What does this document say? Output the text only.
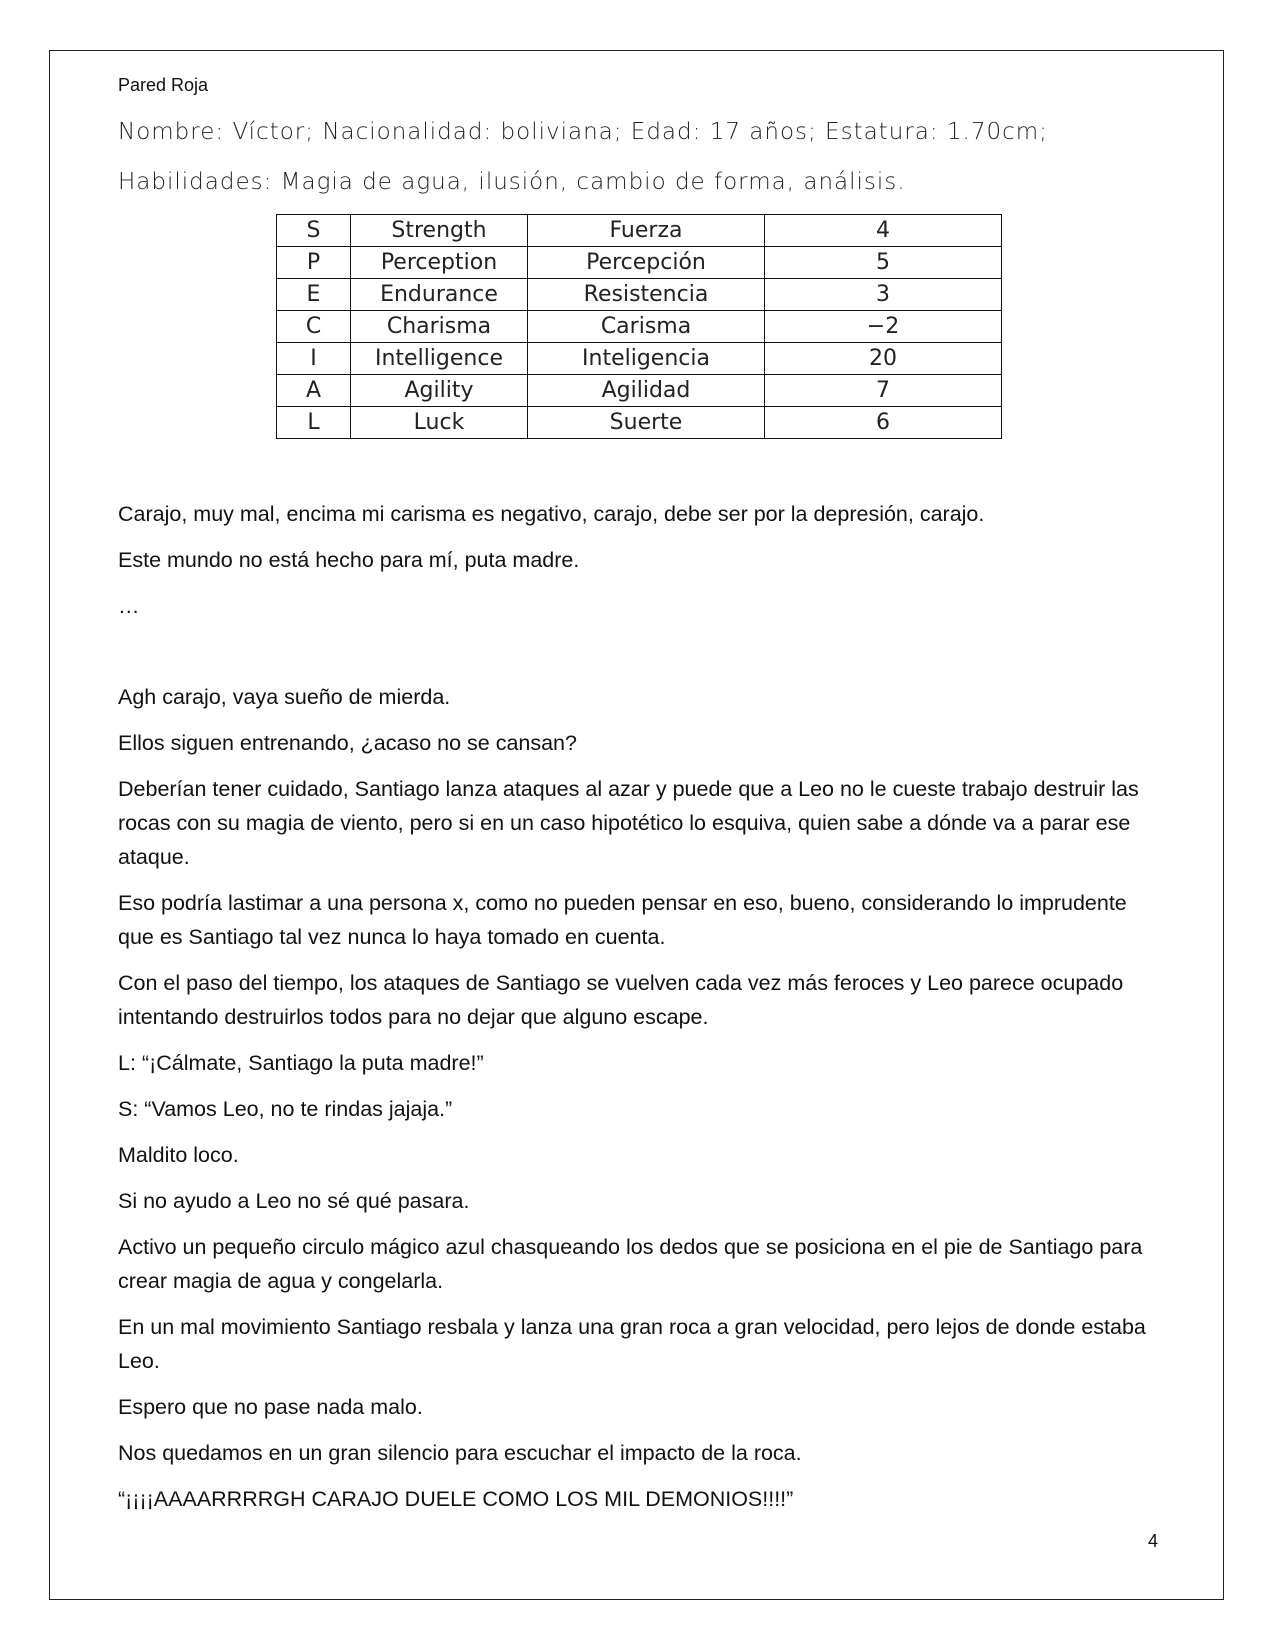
Pared Roja
Nombre: Víctor; Nacionalidad: boliviana; Edad: 17 años; Estatura: 1.70cm;
Habilidades: Magia de agua, ilusión, cambio de forma, análisis.
S	Strength	Fuerza	4
P	Perception	Percepción	5
E	Endurance	Resistencia	3
C	Charisma	Carisma	−2
I	Intelligence	Inteligencia	20
A	Agility	Agilidad	7
L	Luck	Suerte	6

Carajo, muy mal, encima mi carisma es negativo, carajo, debe ser por la depresión, carajo.

Este mundo no está hecho para mí, puta madre.

…

Agh carajo, vaya sueño de mierda.

Ellos siguen entrenando, ¿acaso no se cansan?

Deberían tener cuidado, Santiago lanza ataques al azar y puede que a Leo no le cueste trabajo destruir las rocas con su magia de viento, pero si en un caso hipotético lo esquiva, quien sabe a dónde va a parar ese ataque.

Eso podría lastimar a una persona x, como no pueden pensar en eso, bueno, considerando lo imprudente que es Santiago tal vez nunca lo haya tomado en cuenta.

Con el paso del tiempo, los ataques de Santiago se vuelven cada vez más feroces y Leo parece ocupado intentando destruirlos todos para no dejar que alguno escape.

L: “¡Cálmate, Santiago la puta madre!”

S: “Vamos Leo, no te rindas jajaja.”

Maldito loco.

Si no ayudo a Leo no sé qué pasara.

Activo un pequeño circulo mágico azul chasqueando los dedos que se posiciona en el pie de Santiago para crear magia de agua y congelarla.

En un mal movimiento Santiago resbala y lanza una gran roca a gran velocidad, pero lejos de donde estaba Leo.

Espero que no pase nada malo.

Nos quedamos en un gran silencio para escuchar el impacto de la roca.

“¡¡¡¡AAAARRRRGH CARAJO DUELE COMO LOS MIL DEMONIOS!!!!”

4
